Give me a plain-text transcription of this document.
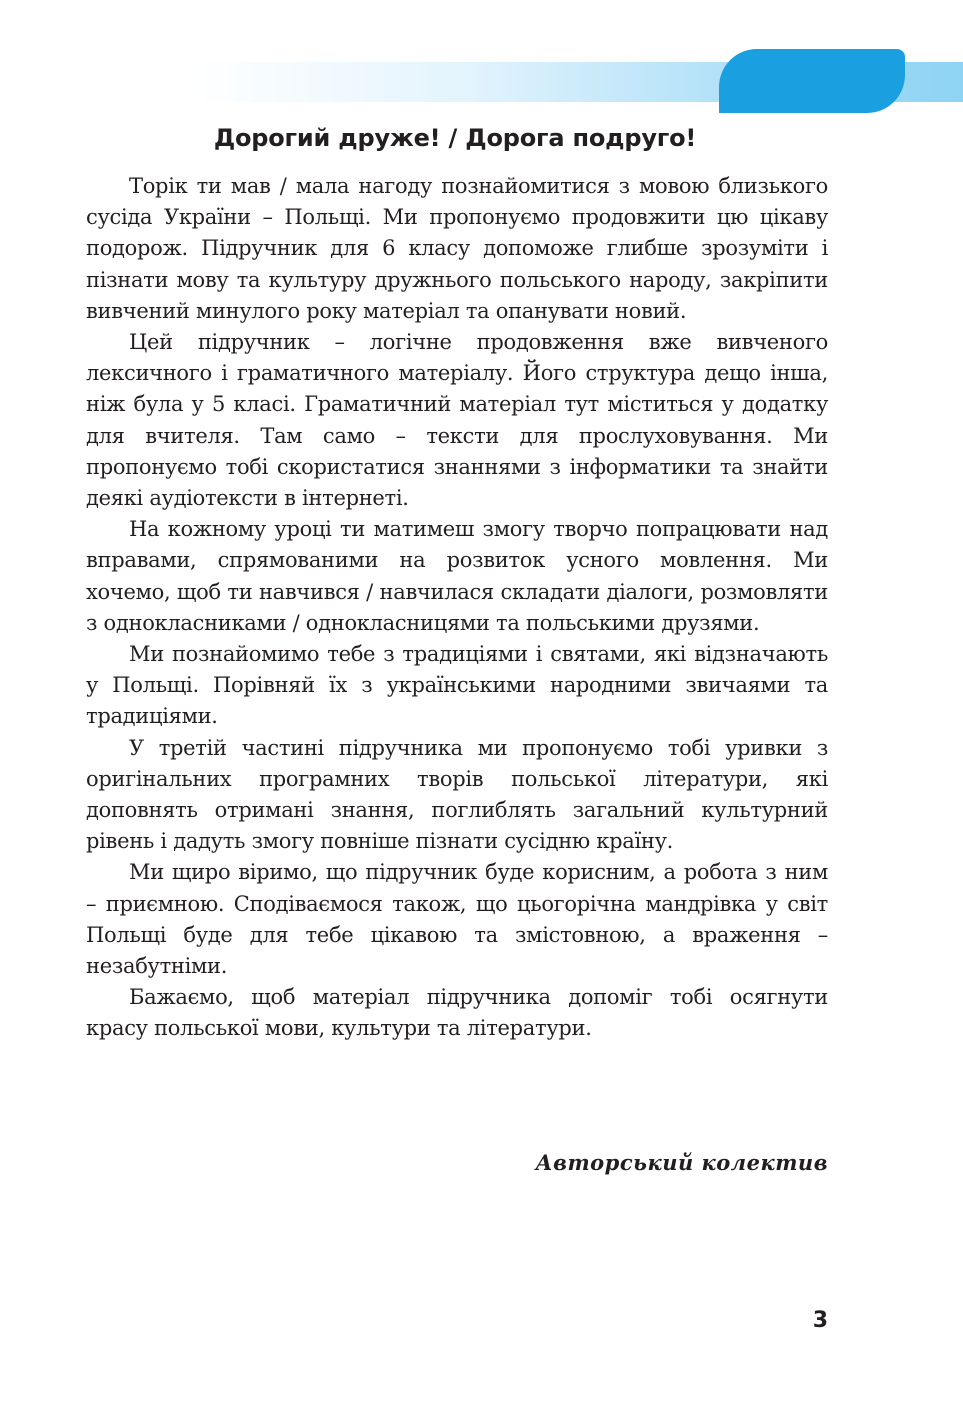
Дорогий друже! / Дорога подруго!

Торік ти мав / мала нагоду познайомитися з мовою близького сусіда України – Польщі. Ми пропонуємо продовжити цю цікаву подорож. Підручник для 6 класу допоможе глибше зрозуміти і пізнати мову та культуру дружнього польського народу, закріпити вивчений минулого року матеріал та опанувати новий.

Цей підручник – логічне продовження вже вивченого лексичного і граматичного матеріалу. Його структура дещо інша, ніж була у 5 класі. Граматичний матеріал тут міститься у додатку для вчителя. Там само – тексти для прослуховування. Ми пропонуємо тобі скористатися знаннями з інформатики та знайти деякі аудіотексти в інтернеті.

На кожному уроці ти матимеш змогу творчо попрацювати над вправами, спрямованими на розвиток усного мовлення. Ми хочемо, щоб ти навчився / навчилася складати діалоги, розмовляти з однокласниками / однокласницями та польськими друзями.

Ми познайомимо тебе з традиціями і святами, які відзначають у Польщі. Порівняй їх з українськими народними звичаями та традиціями.

У третій частині підручника ми пропонуємо тобі уривки з оригінальних програмних творів польської літератури, які доповнять отримані знання, поглиблять загальний культурний рівень і дадуть змогу повніше пізнати сусідню країну.

Ми щиро віримо, що підручник буде корисним, а робота з ним – приємною. Сподіваємося також, що цьогорічна мандрівка у світ Польщі буде для тебе цікавою та змістовною, а враження – незабутніми.

Бажаємо, щоб матеріал підручника допоміг тобі осягнути красу польської мови, культури та літератури.

Авторський колектив
3
